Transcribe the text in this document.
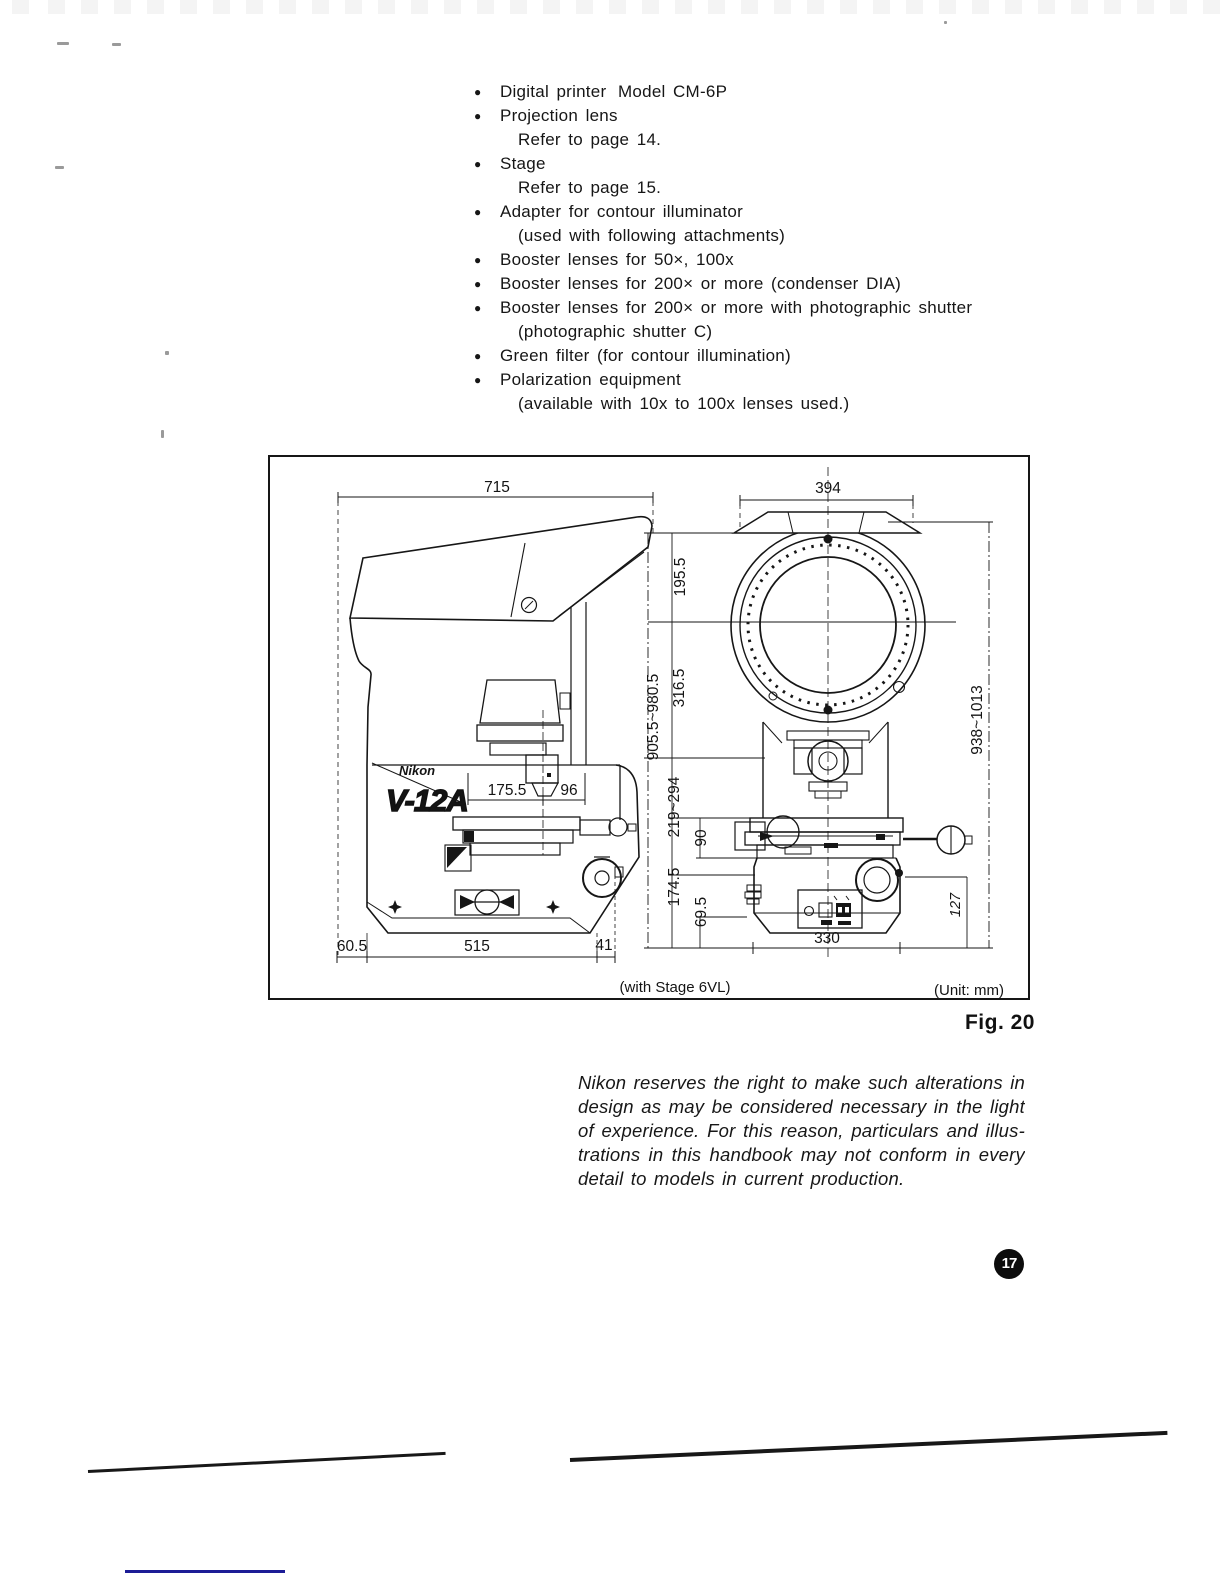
● Digital printer Model CM-6P
● Projection lens
Refer to page 14.
● Stage
Refer to page 15.
● Adapter for contour illuminator
(used with following attachments)
● Booster lenses for 50×, 100x
● Booster lenses for 200× or more (condenser DIA)
● Booster lenses for 200× or more with photographic shutter
(photographic shutter C)
● Green filter (for contour illumination)
● Polarization equipment
(available with 10x to 100x lenses used.)
715
175.5 96
60.5	515	41
394
195.5
316.5
905.5~980.5
219~294
90
174.5
69.5
938~1013
127
330
Nikon
V-12A
(with Stage 6VL)	(Unit: mm)
Fig. 20
Nikon reserves the right to make such alterations in
design as may be considered necessary in the light
of experience. For this reason, particulars and illus-
trations in this handbook may not conform in every
detail to models in current production.
17
